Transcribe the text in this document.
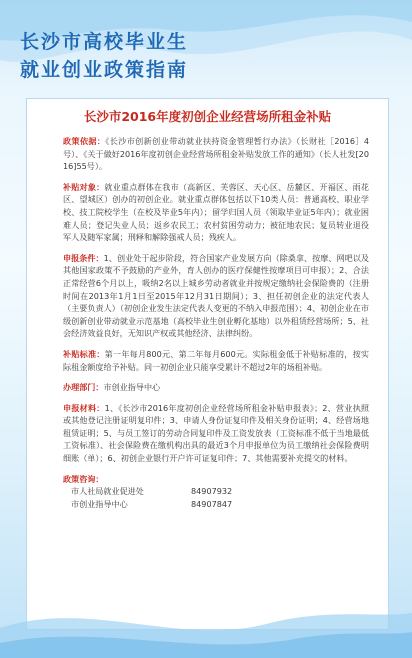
长沙市高校毕业生
就业创业政策指南
长沙市2016年度初创企业经营场所租金补贴
政策依据：《长沙市创新创业带动就业扶持资金管理暂行办法》（长财社［2016］4号）、《关于做好2016年度初创企业经营场所租金补贴发放工作的通知》（长人社发[2016]55号）。
补贴对象：就业重点群体在我市（高新区、芙蓉区、天心区、岳麓区、开福区、雨花区、望城区）创办的初创企业。就业重点群体包括以下10类人员：普通高校、职业学校、技工院校学生（在校及毕业5年内）；留学归国人员（领取毕业证5年内）；就业困难人员；登记失业人员；返乡农民工；农村贫困劳动力；被征地农民；复员转业退役军人及随军家属；刑释和解除强戒人员；残疾人。
申报条件：1、创业处于起步阶段，符合国家产业发展方向（除桑拿、按摩、网吧以及其他国家政策不予鼓励的产业外，育人创办的医疗保健性按摩项目可申报）；2、合法正常经营6个月以上，吸纳2名以上城乡劳动者就业并按规定缴纳社会保险费的（注册时间在2013年1月1日至2015年12月31日期间）；3、担任初创企业的法定代表人（主要负责人）（初创企业发生法定代表人变更的不纳入申报范围）；4、初创企业在市级创新创业带动就业示范基地（高校毕业生创业孵化基地）以外租赁经营场所；5、社会经济效益良好，无知识产权或其他经济、法律纠纷。
补贴标准：第一年每月800元、第二年每月600元。实际租金低于补贴标准的，按实际租金额度给予补贴。同一初创企业只能享受累计不超过2年的场租补贴。
办理部门：市创业指导中心
申报材料：1、《长沙市2016年度初创企业经营场所租金补贴申报表》；2、营业执照或其他登记注册证明复印件；3、申请人身份证复印件及相关身份证明；4、经营场地租赁证明；5、与员工签订的劳动合同复印件及工资发放表（工资标准不低于当地最低工资标准）、社会保险费在缴机构出具的最近3个月申报单位为员工缴纳社会保险费明细账（单）；6、初创企业银行开户许可证复印件；7、其他需要补充提交的材料。
政策咨询：
市人社局就业促进处	84907932
市创业指导中心	84907847
